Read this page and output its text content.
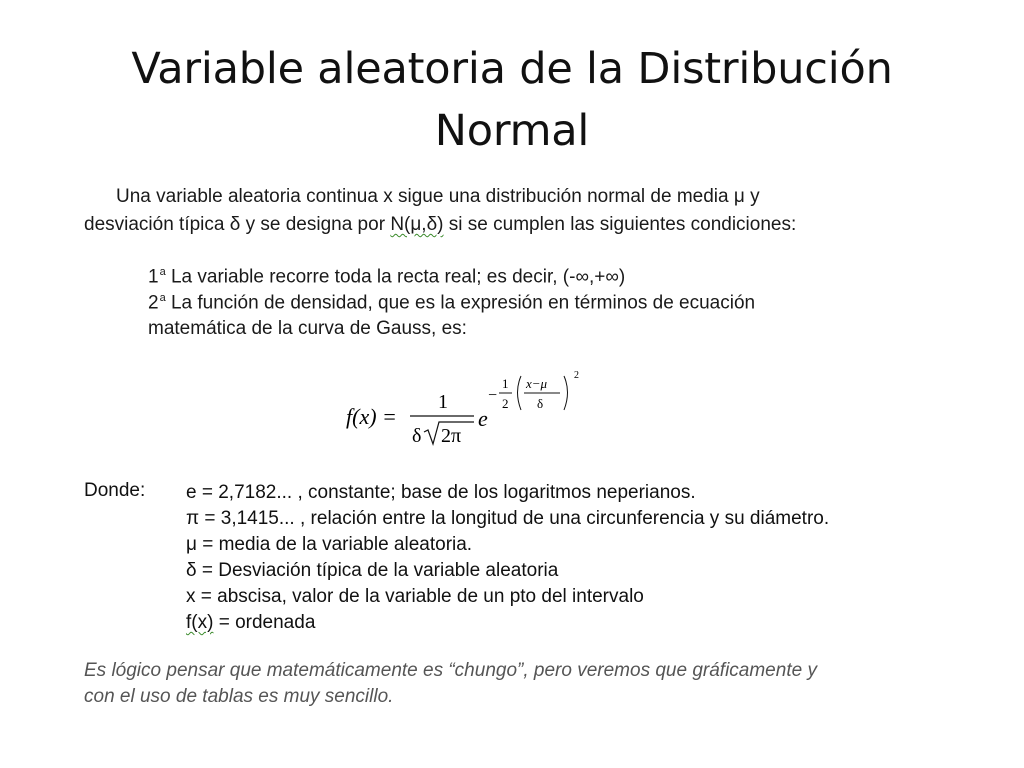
Variable aleatoria de la Distribución
Normal
Una variable aleatoria continua x sigue una distribución normal de media μ y
desviación típica δ y se designa por N(μ,δ) si se cumplen las siguientes condiciones:
1$^a$ La variable recorre toda la recta real; es decir, (-∞,+∞)
2$^a$ La función de densidad, que es la expresión en términos de ecuación
matemática de la curva de Gauss, es:
f(x) =
1
δ 2π
e
−
1
2
x−μ
δ
2
Donde: e = 2,7182... , constante; base de los logaritmos neperianos.
π = 3,1415... , relación entre la longitud de una circunferencia y su diámetro.
μ = media de la variable aleatoria.
δ = Desviación típica de la variable aleatoria
x = abscisa, valor de la variable de un pto del intervalo
f(x) = ordenada
Es lógico pensar que matemáticamente es “chungo”, pero veremos que gráficamente y
con el uso de tablas es muy sencillo.
